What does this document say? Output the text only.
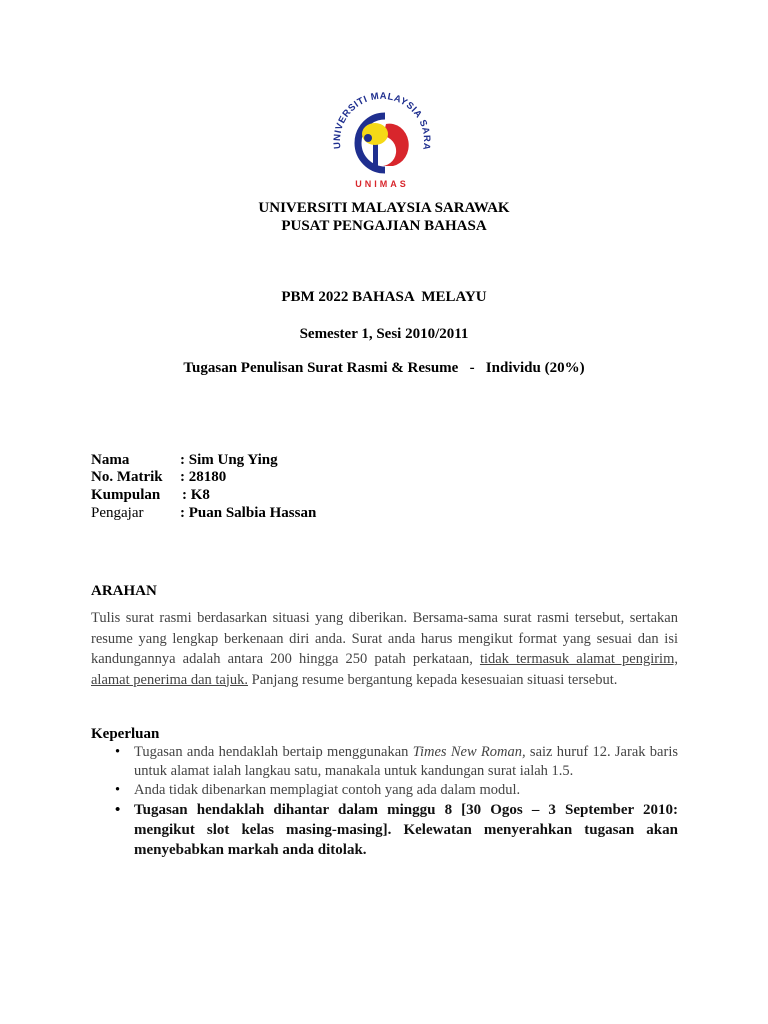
UNIVERSITI MALAYSIA SARA
UNIMAS
UNIVERSITI MALAYSIA SARAWAK
PUSAT PENGAJIAN BAHASA
PBM 2022 BAHASA  MELAYU
Semester 1, Sesi 2010/2011
Tugasan Penulisan Surat Rasmi & Resume   -   Individu (20%)
Nama	: Sim Ung Ying
No. Matrik : 28180
Kumpulan : K8
Pengajar : Puan Salbia Hassan
ARAHAN
Tulis surat rasmi berdasarkan situasi yang diberikan. Bersama-sama surat rasmi tersebut, sertakan resume yang lengkap berkenaan diri anda. Surat anda harus mengikut format yang sesuai dan isi kandungannya adalah antara 200 hingga 250 patah perkataan, tidak termasuk alamat pengirim, alamat penerima dan tajuk. Panjang resume bergantung kepada kesesuaian situasi tersebut.
Keperluan
• Tugasan anda hendaklah bertaip menggunakan Times New Roman, saiz huruf 12. Jarak baris untuk alamat ialah langkau satu, manakala untuk kandungan surat ialah 1.5.
• Anda tidak dibenarkan memplagiat contoh yang ada dalam modul.
• Tugasan hendaklah dihantar dalam minggu 8 [30 Ogos – 3 September 2010: mengikut slot kelas masing-masing]. Kelewatan menyerahkan tugasan akan menyebabkan markah anda ditolak.
